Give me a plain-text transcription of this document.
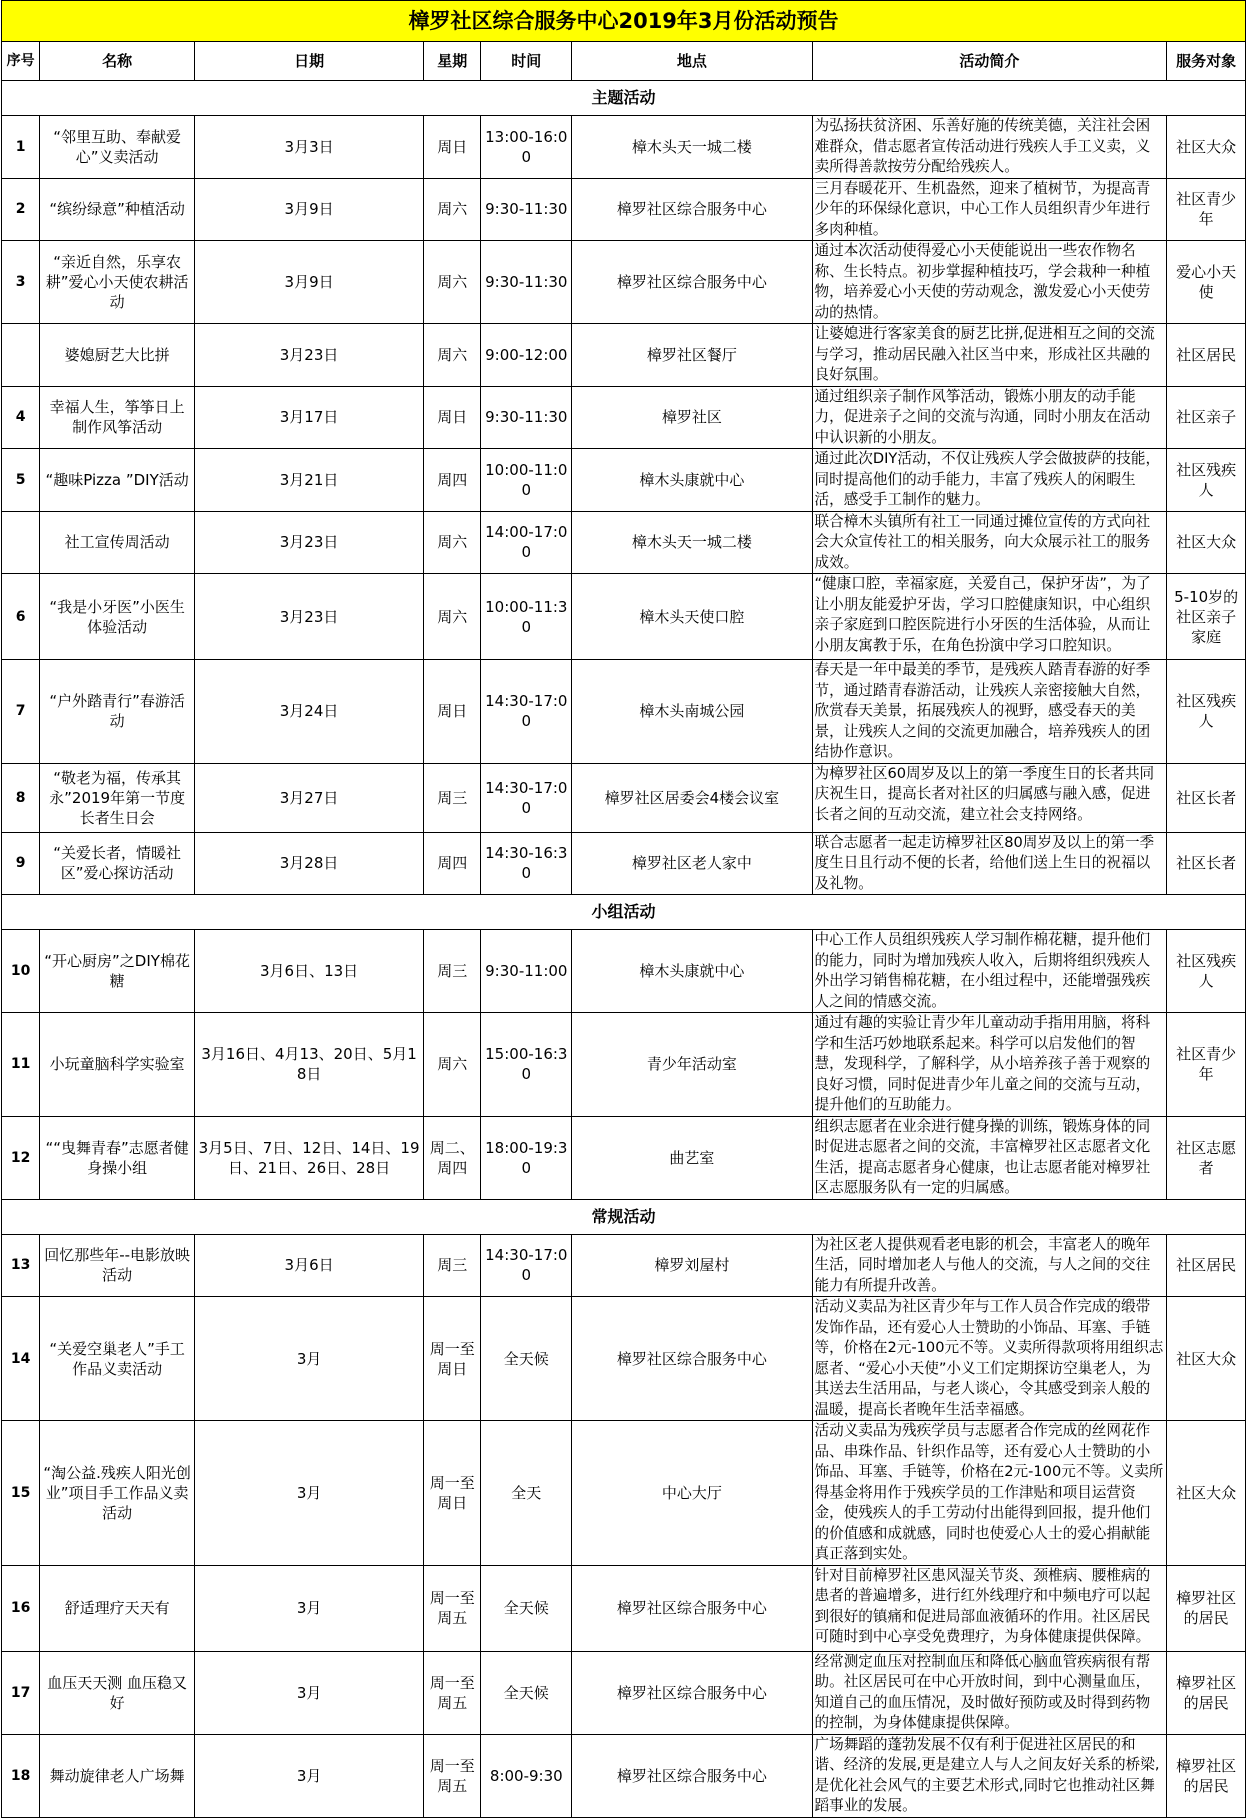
樟罗社区综合服务中心2019年3月份活动预告							
序号	名称	日期	星期	时间	地点	活动简介	服务对象
主题活动							
1	“邻里互助、奉献爱心”义卖活动	3月3日	周日	13:00-16:00	樟木头天一城二楼	为弘扬扶贫济困、乐善好施的传统美德，关注社会困难群众，借志愿者宣传活动进行残疾人手工义卖，义卖所得善款按劳分配给残疾人。	社区大众
2	“缤纷绿意”种植活动	3月9日	周六	9:30-11:30	樟罗社区综合服务中心	三月春暖花开、生机盎然，迎来了植树节，为提高青少年的环保绿化意识，中心工作人员组织青少年进行多肉种植。	社区青少年
3	“亲近自然，乐享农耕”爱心小天使农耕活动	3月9日	周六	9:30-11:30	樟罗社区综合服务中心	通过本次活动使得爱心小天使能说出一些农作物名称、生长特点。初步掌握种植技巧，学会栽种一种植物，培养爱心小天使的劳动观念，激发爱心小天使劳动的热情。	爱心小天使
	婆媳厨艺大比拼	3月23日	周六	9:00-12:00	樟罗社区餐厅	让婆媳进行客家美食的厨艺比拼,促进相互之间的交流与学习，推动居民融入社区当中来，形成社区共融的良好氛围。	社区居民
4	幸福人生，筝筝日上制作风筝活动	3月17日	周日	9:30-11:30	樟罗社区	通过组织亲子制作风筝活动，锻炼小朋友的动手能力，促进亲子之间的交流与沟通，同时小朋友在活动中认识新的小朋友。	社区亲子
5	“趣味Pizza ”DIY活动	3月21日	周四	10:00-11:00	樟木头康就中心	通过此次DIY活动，不仅让残疾人学会做披萨的技能，同时提高他们的动手能力，丰富了残疾人的闲暇生活，感受手工制作的魅力。	社区残疾人
	社工宣传周活动	3月23日	周六	14:00-17:00	樟木头天一城二楼	联合樟木头镇所有社工一同通过摊位宣传的方式向社会大众宣传社工的相关服务，向大众展示社工的服务成效。	社区大众
6	“我是小牙医”小医生体验活动	3月23日	周六	10:00-11:30	樟木头天使口腔	“健康口腔，幸福家庭，关爱自己，保护牙齿”，为了让小朋友能爱护牙齿，学习口腔健康知识，中心组织亲子家庭到口腔医院进行小牙医的生活体验，从而让小朋友寓教于乐，在角色扮演中学习口腔知识。	5-10岁的社区亲子家庭
7	“户外踏青行”春游活动	3月24日	周日	14:30-17:00	樟木头南城公园	春天是一年中最美的季节，是残疾人踏青春游的好季节，通过踏青春游活动，让残疾人亲密接触大自然，欣赏春天美景，拓展残疾人的视野，感受春天的美景，让残疾人之间的交流更加融合，培养残疾人的团结协作意识。	社区残疾人
8	“敬老为福，传承其永”2019年第一节度长者生日会	3月27日	周三	14:30-17:00	樟罗社区居委会4楼会议室	为樟罗社区60周岁及以上的第一季度生日的长者共同庆祝生日，提高长者对社区的归属感与融入感，促进长者之间的互动交流，建立社会支持网络。	社区长者
9	“关爱长者，情暖社区”爱心探访活动	3月28日	周四	14:30-16:30	樟罗社区老人家中	联合志愿者一起走访樟罗社区80周岁及以上的第一季度生日且行动不便的长者，给他们送上生日的祝福以及礼物。	社区长者
小组活动							
10	“开心厨房”之DIY棉花糖	3月6日、13日	周三	9:30-11:00	樟木头康就中心	中心工作人员组织残疾人学习制作棉花糖，提升他们的能力，同时为增加残疾人收入，后期将组织残疾人外出学习销售棉花糖，在小组过程中，还能增强残疾人之间的情感交流。	社区残疾人
11	小玩童脑科学实验室	3月16日、4月13、20日、5月18日	周六	15:00-16:30	青少年活动室	通过有趣的实验让青少年儿童动动手指用用脑，将科学和生活巧妙地联系起来。科学可以启发他们的智慧，发现科学，了解科学，从小培养孩子善于观察的良好习惯，同时促进青少年儿童之间的交流与互动，提升他们的互助能力。	社区青少年
12	““曳舞青春”志愿者健身操小组	3月5日、7日、12日、14日、19日、21日、26日、28日	周二、周四	18:00-19:30	曲艺室	组织志愿者在业余进行健身操的训练，锻炼身体的同时促进志愿者之间的交流，丰富樟罗社区志愿者文化生活，提高志愿者身心健康，也让志愿者能对樟罗社区志愿服务队有一定的归属感。	社区志愿者
常规活动							
13	回忆那些年--电影放映活动	3月6日	周三	14:30-17:00	樟罗刘屋村	为社区老人提供观看老电影的机会，丰富老人的晚年生活，同时增加老人与他人的交流，与人之间的交往能力有所提升改善。	社区居民
14	“关爱空巢老人”手工作品义卖活动	3月	周一至周日	全天候	樟罗社区综合服务中心	活动义卖品为社区青少年与工作人员合作完成的缎带发饰作品，还有爱心人士赞助的小饰品、耳塞、手链等，价格在2元-100元不等。义卖所得款项将用组织志愿者、“爱心小天使”小义工们定期探访空巢老人，为其送去生活用品，与老人谈心，令其感受到亲人般的温暖，提高长者晚年生活幸福感。	社区大众
15	“淘公益.残疾人阳光创业”项目手工作品义卖活动	3月	周一至周日	全天	中心大厅	活动义卖品为残疾学员与志愿者合作完成的丝网花作品、串珠作品、针织作品等，还有爱心人士赞助的小饰品、耳塞、手链等，价格在2元-100元不等。义卖所得基金将用作于残疾学员的工作津贴和项目运营资金，使残疾人的手工劳动付出能得到回报，提升他们的价值感和成就感，同时也使爱心人士的爱心捐献能真正落到实处。	社区大众
16	舒适理疗天天有	3月	周一至周五	全天候	樟罗社区综合服务中心	针对目前樟罗社区患风湿关节炎、颈椎病、腰椎病的患者的普遍增多，进行红外线理疗和中频电疗可以起到很好的镇痛和促进局部血液循环的作用。社区居民可随时到中心享受免费理疗，为身体健康提供保障。	樟罗社区的居民
17	血压天天测 血压稳又好	3月	周一至周五	全天候	樟罗社区综合服务中心	经常测定血压对控制血压和降低心脑血管疾病很有帮助。社区居民可在中心开放时间，到中心测量血压，知道自己的血压情况，及时做好预防或及时得到药物的控制，为身体健康提供保障。	樟罗社区的居民
18	舞动旋律老人广场舞	3月	周一至周五	8:00-9:30	樟罗社区综合服务中心	广场舞蹈的蓬勃发展不仅有利于促进社区居民的和谐、经济的发展,更是建立人与人之间友好关系的桥梁,是优化社会风气的主要艺术形式,同时它也推动社区舞蹈事业的发展。	樟罗社区的居民
